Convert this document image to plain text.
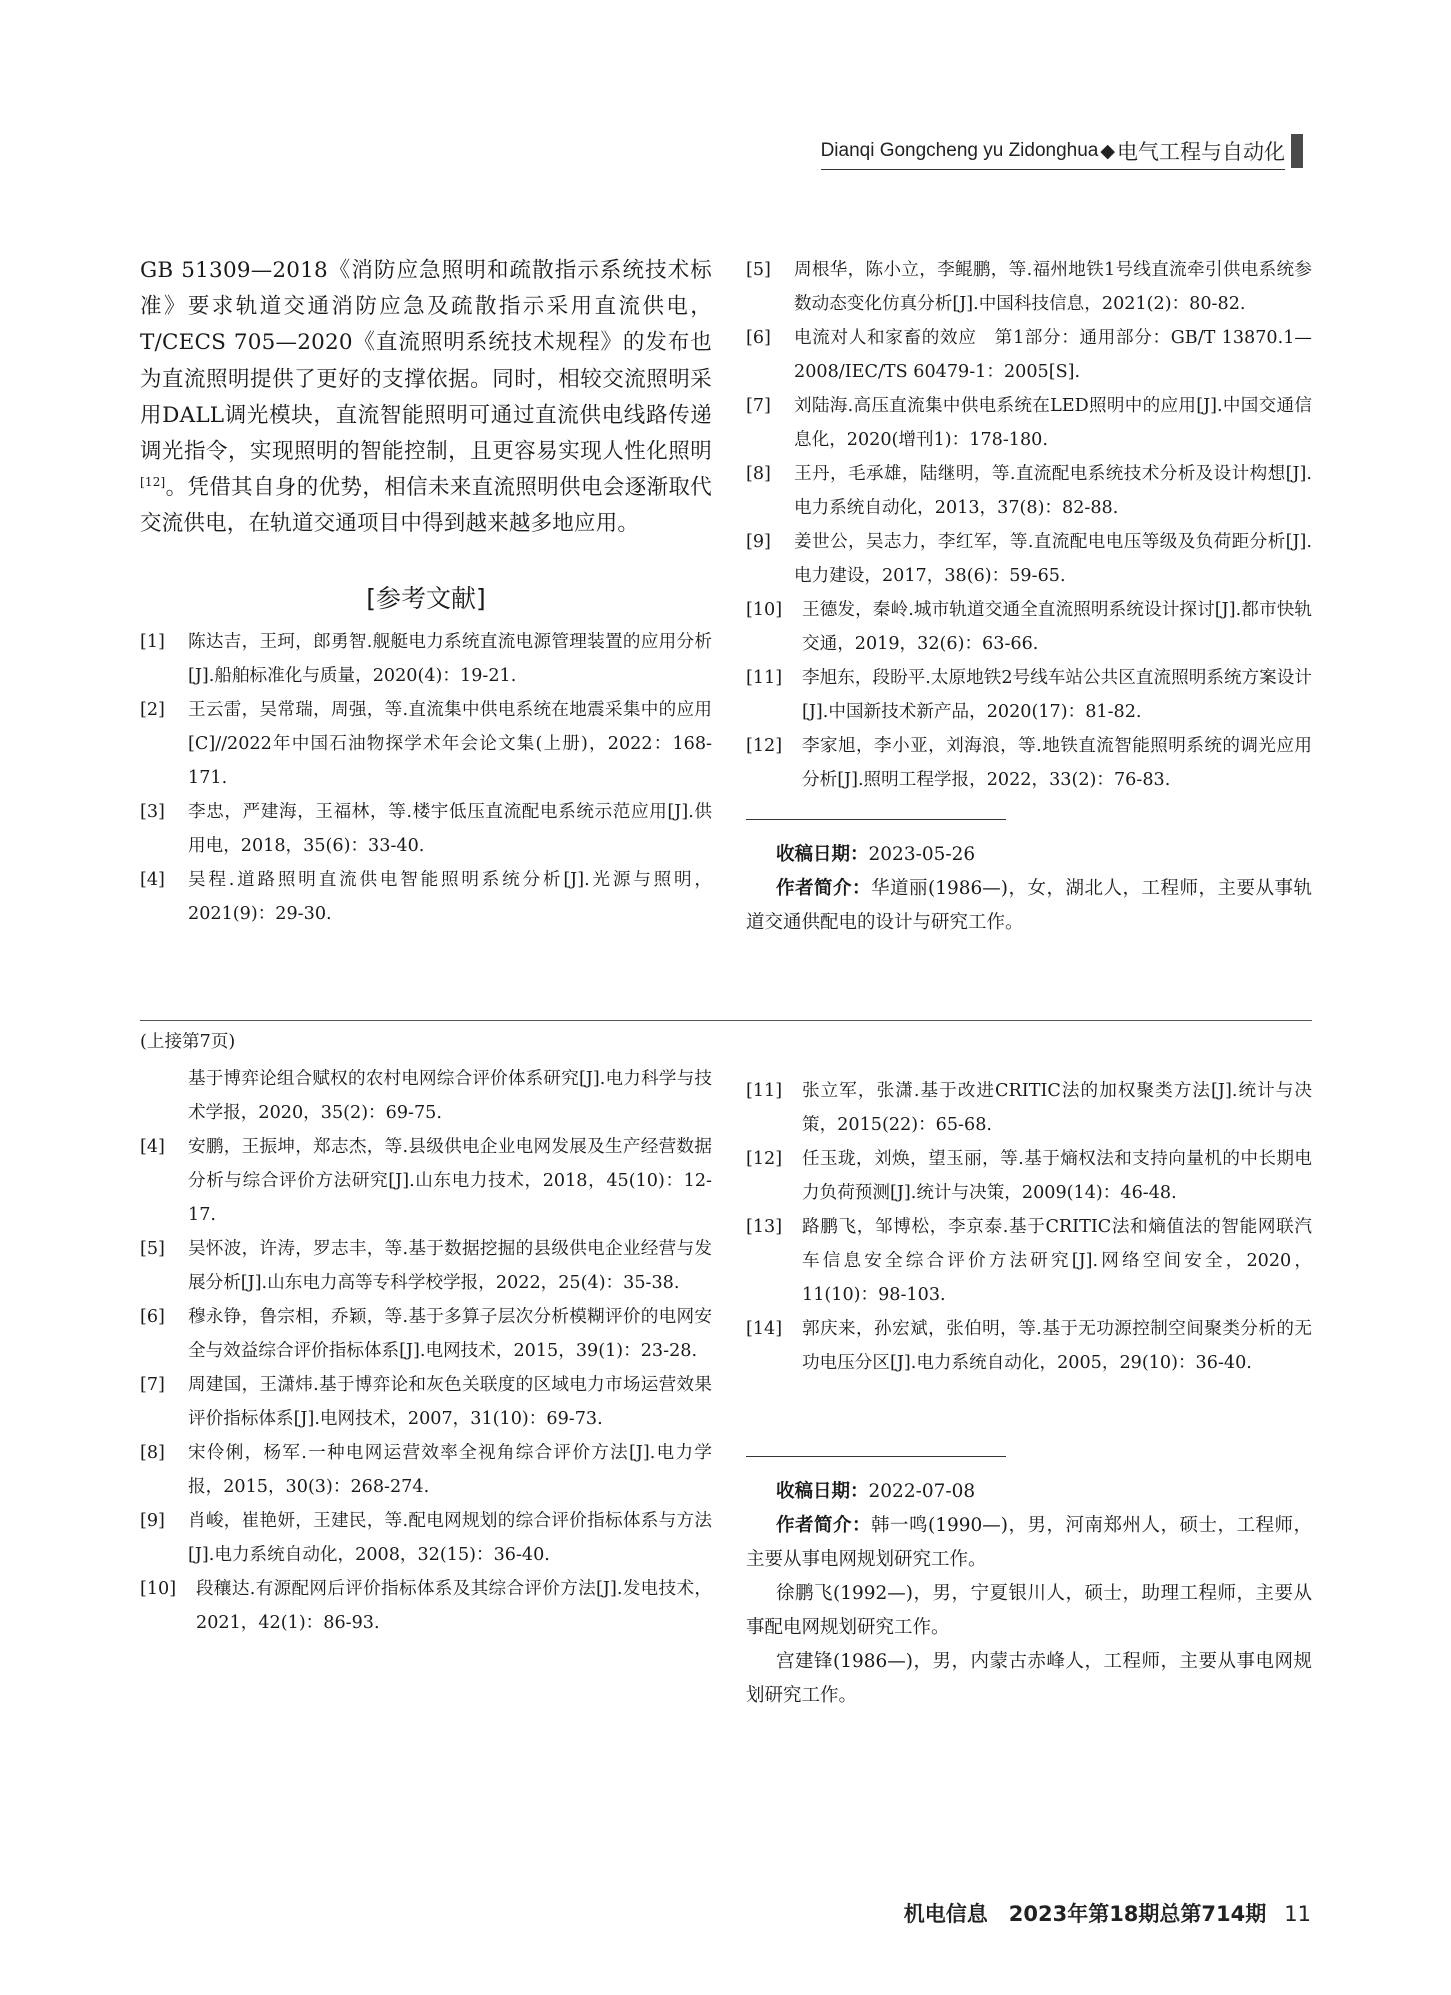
Dianqi Gongcheng yu Zidonghua ◆ 电气工程与自动化

GB 51309—2018《消防应急照明和疏散指示系统技术标准》要求轨道交通消防应急及疏散指示采用直流供电，T/CECS 705—2020《直流照明系统技术规程》的发布也为直流照明提供了更好的支撑依据。同时，相较交流照明采用DALL调光模块，直流智能照明可通过直流供电线路传递调光指令，实现照明的智能控制，且更容易实现人性化照明[12]。凭借其自身的优势，相信未来直流照明供电会逐渐取代交流供电，在轨道交通项目中得到越来越多地应用。

[参考文献]
[1]	陈达吉，王珂，郎勇智.舰艇电力系统直流电源管理装置的应用分析[J].船舶标准化与质量，2020(4)：19-21.
[2]	王云雷，吴常瑞，周强，等.直流集中供电系统在地震采集中的应用[C]//2022年中国石油物探学术年会论文集(上册)，2022：168-171.
[3]	李忠，严建海，王福林，等.楼宇低压直流配电系统示范应用[J].供用电，2018，35(6)：33-40.
[4]	吴程.道路照明直流供电智能照明系统分析[J].光源与照明，2021(9)：29-30.
[5]	周根华，陈小立，李鲲鹏，等.福州地铁1号线直流牵引供电系统参数动态变化仿真分析[J].中国科技信息，2021(2)：80-82.
[6]	电流对人和家畜的效应　第1部分：通用部分：GB/T 13870.1—2008/IEC/TS 60479-1：2005[S].
[7]	刘陆海.高压直流集中供电系统在LED照明中的应用[J].中国交通信息化，2020(增刊1)：178-180.
[8]	王丹，毛承雄，陆继明，等.直流配电系统技术分析及设计构想[J].电力系统自动化，2013，37(8)：82-88.
[9]	姜世公，吴志力，李红军，等.直流配电电压等级及负荷距分析[J].电力建设，2017，38(6)：59-65.
[10]	王德发，秦岭.城市轨道交通全直流照明系统设计探讨[J].都市快轨交通，2019，32(6)：63-66.
[11]	李旭东，段盼平.太原地铁2号线车站公共区直流照明系统方案设计[J].中国新技术新产品，2020(17)：81-82.
[12]	李家旭，李小亚，刘海浪，等.地铁直流智能照明系统的调光应用分析[J].照明工程学报，2022，33(2)：76-83.

收稿日期：2023-05-26

作者简介：华道丽(1986—)，女，湖北人，工程师，主要从事轨道交通供配电的设计与研究工作。

(上接第7页)

基于博弈论组合赋权的农村电网综合评价体系研究[J].电力科学与技术学报，2020，35(2)：69-75.

[4]	安鹏，王振坤，郑志杰，等.县级供电企业电网发展及生产经营数据分析与综合评价方法研究[J].山东电力技术，2018，45(10)：12-17.
[5]	吴怀波，许涛，罗志丰，等.基于数据挖掘的县级供电企业经营与发展分析[J].山东电力高等专科学校学报，2022，25(4)：35-38.
[6]	穆永铮，鲁宗相，乔颖，等.基于多算子层次分析模糊评价的电网安全与效益综合评价指标体系[J].电网技术，2015，39(1)：23-28.
[7]	周建国，王潇炜.基于博弈论和灰色关联度的区域电力市场运营效果评价指标体系[J].电网技术，2007，31(10)：69-73.
[8]	宋伶俐，杨军.一种电网运营效率全视角综合评价方法[J].电力学报，2015，30(3)：268-274.
[9]	肖峻，崔艳妍，王建民，等.配电网规划的综合评价指标体系与方法[J].电力系统自动化，2008，32(15)：36-40.
[10]	段穰达.有源配网后评价指标体系及其综合评价方法[J].发电技术，2021，42(1)：86-93.
[11]	张立军，张潇.基于改进CRITIC法的加权聚类方法[J].统计与决策，2015(22)：65-68.
[12]	任玉珑，刘焕，望玉丽，等.基于熵权法和支持向量机的中长期电力负荷预测[J].统计与决策，2009(14)：46-48.
[13]	路鹏飞，邹博松，李京泰.基于CRITIC法和熵值法的智能网联汽车信息安全综合评价方法研究[J].网络空间安全，2020，11(10)：98-103.
[14]	郭庆来，孙宏斌，张伯明，等.基于无功源控制空间聚类分析的无功电压分区[J].电力系统自动化，2005，29(10)：36-40.

收稿日期：2022-07-08

作者简介：韩一鸣(1990—)，男，河南郑州人，硕士，工程师，主要从事电网规划研究工作。

徐鹏飞(1992—)，男，宁夏银川人，硕士，助理工程师，主要从事配电网规划研究工作。

宫建锋(1986—)，男，内蒙古赤峰人，工程师，主要从事电网规划研究工作。

机电信息　2023年第18期总第714期 11
